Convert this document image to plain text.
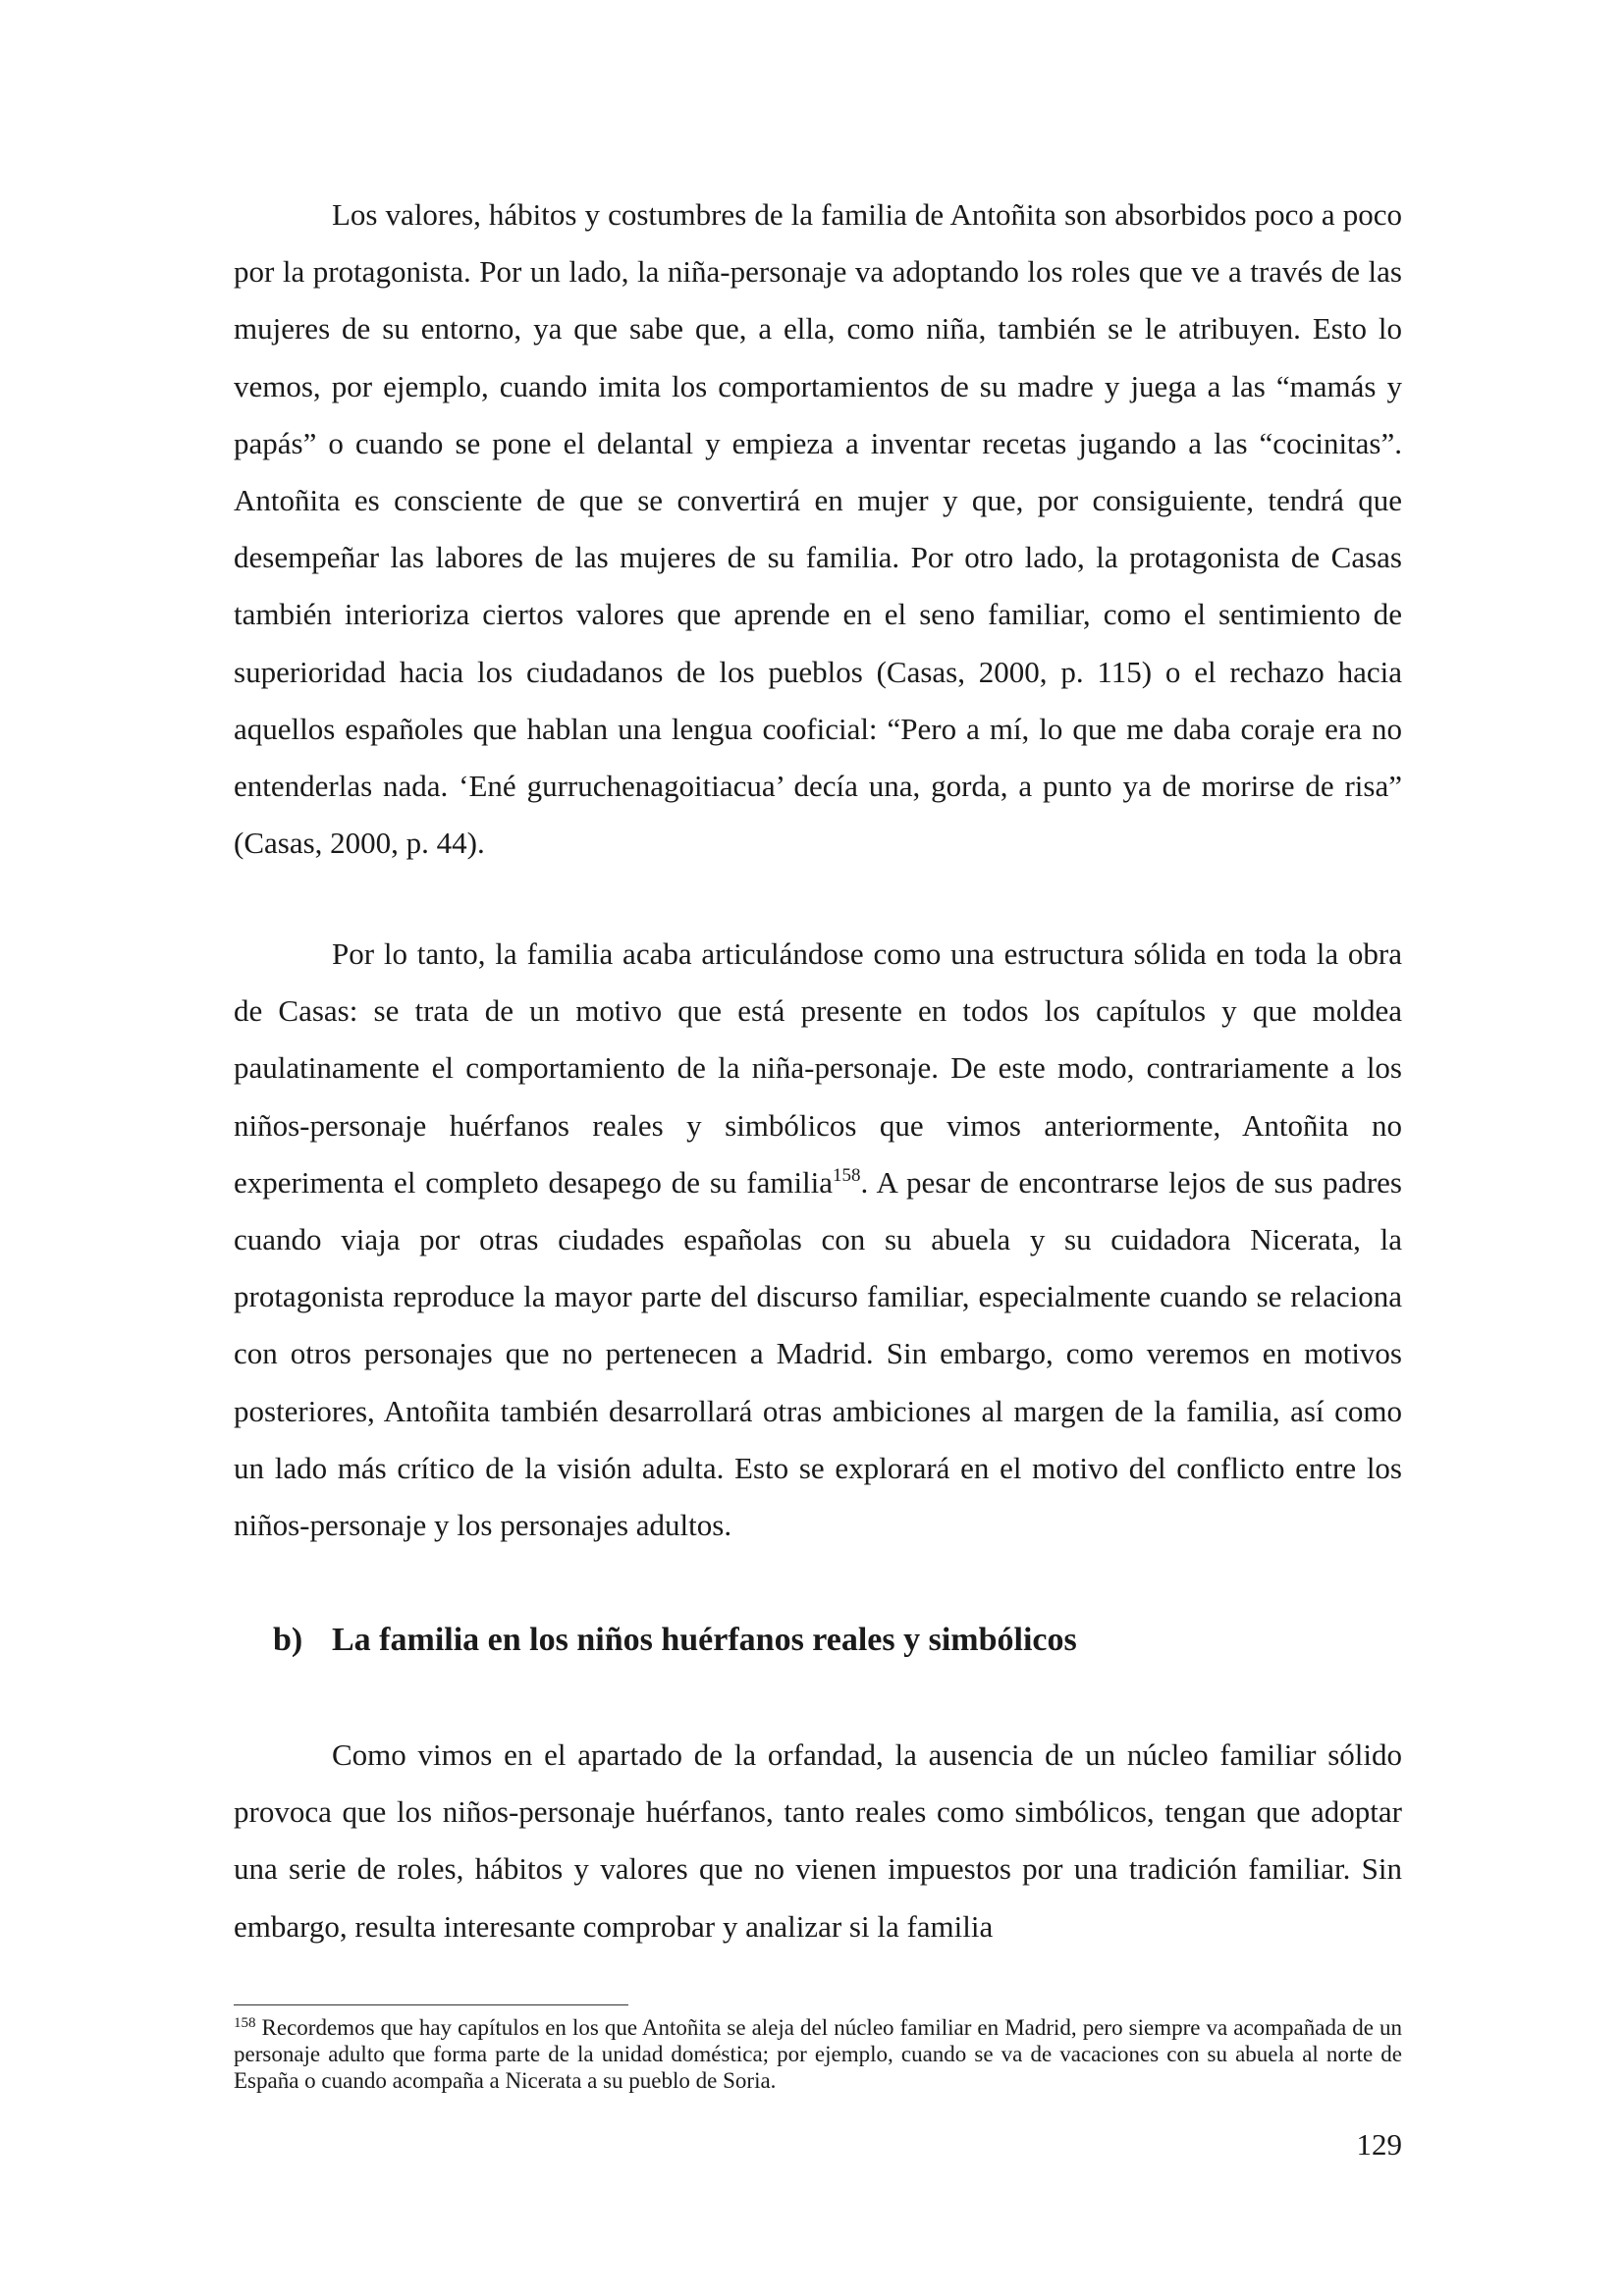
Los valores, hábitos y costumbres de la familia de Antoñita son absorbidos poco a poco por la protagonista. Por un lado, la niña-personaje va adoptando los roles que ve a través de las mujeres de su entorno, ya que sabe que, a ella, como niña, también se le atribuyen. Esto lo vemos, por ejemplo, cuando imita los comportamientos de su madre y juega a las “mamás y papás” o cuando se pone el delantal y empieza a inventar recetas jugando a las “cocinitas”. Antoñita es consciente de que se convertirá en mujer y que, por consiguiente, tendrá que desempeñar las labores de las mujeres de su familia. Por otro lado, la protagonista de Casas también interioriza ciertos valores que aprende en el seno familiar, como el sentimiento de superioridad hacia los ciudadanos de los pueblos (Casas, 2000, p. 115) o el rechazo hacia aquellos españoles que hablan una lengua cooficial: “Pero a mí, lo que me daba coraje era no entenderlas nada. ‘Ené gurruchenagoitiacua’ decía una, gorda, a punto ya de morirse de risa” (Casas, 2000, p. 44).

Por lo tanto, la familia acaba articulándose como una estructura sólida en toda la obra de Casas: se trata de un motivo que está presente en todos los capítulos y que moldea paulatinamente el comportamiento de la niña-personaje. De este modo, contrariamente a los niños-personaje huérfanos reales y simbólicos que vimos anteriormente, Antoñita no experimenta el completo desapego de su familia$^{158}$. A pesar de encontrarse lejos de sus padres cuando viaja por otras ciudades españolas con su abuela y su cuidadora Nicerata, la protagonista reproduce la mayor parte del discurso familiar, especialmente cuando se relaciona con otros personajes que no pertenecen a Madrid. Sin embargo, como veremos en motivos posteriores, Antoñita también desarrollará otras ambiciones al margen de la familia, así como un lado más crítico de la visión adulta. Esto se explorará en el motivo del conflicto entre los niños-personaje y los personajes adultos.

b) La familia en los niños huérfanos reales y simbólicos

Como vimos en el apartado de la orfandad, la ausencia de un núcleo familiar sólido provoca que los niños-personaje huérfanos, tanto reales como simbólicos, tengan que adoptar una serie de roles, hábitos y valores que no vienen impuestos por una tradición familiar. Sin embargo, resulta interesante comprobar y analizar si la familia

$^{158}$ Recordemos que hay capítulos en los que Antoñita se aleja del núcleo familiar en Madrid, pero siempre va acompañada de un personaje adulto que forma parte de la unidad doméstica; por ejemplo, cuando se va de vacaciones con su abuela al norte de España o cuando acompaña a Nicerata a su pueblo de Soria.

129
